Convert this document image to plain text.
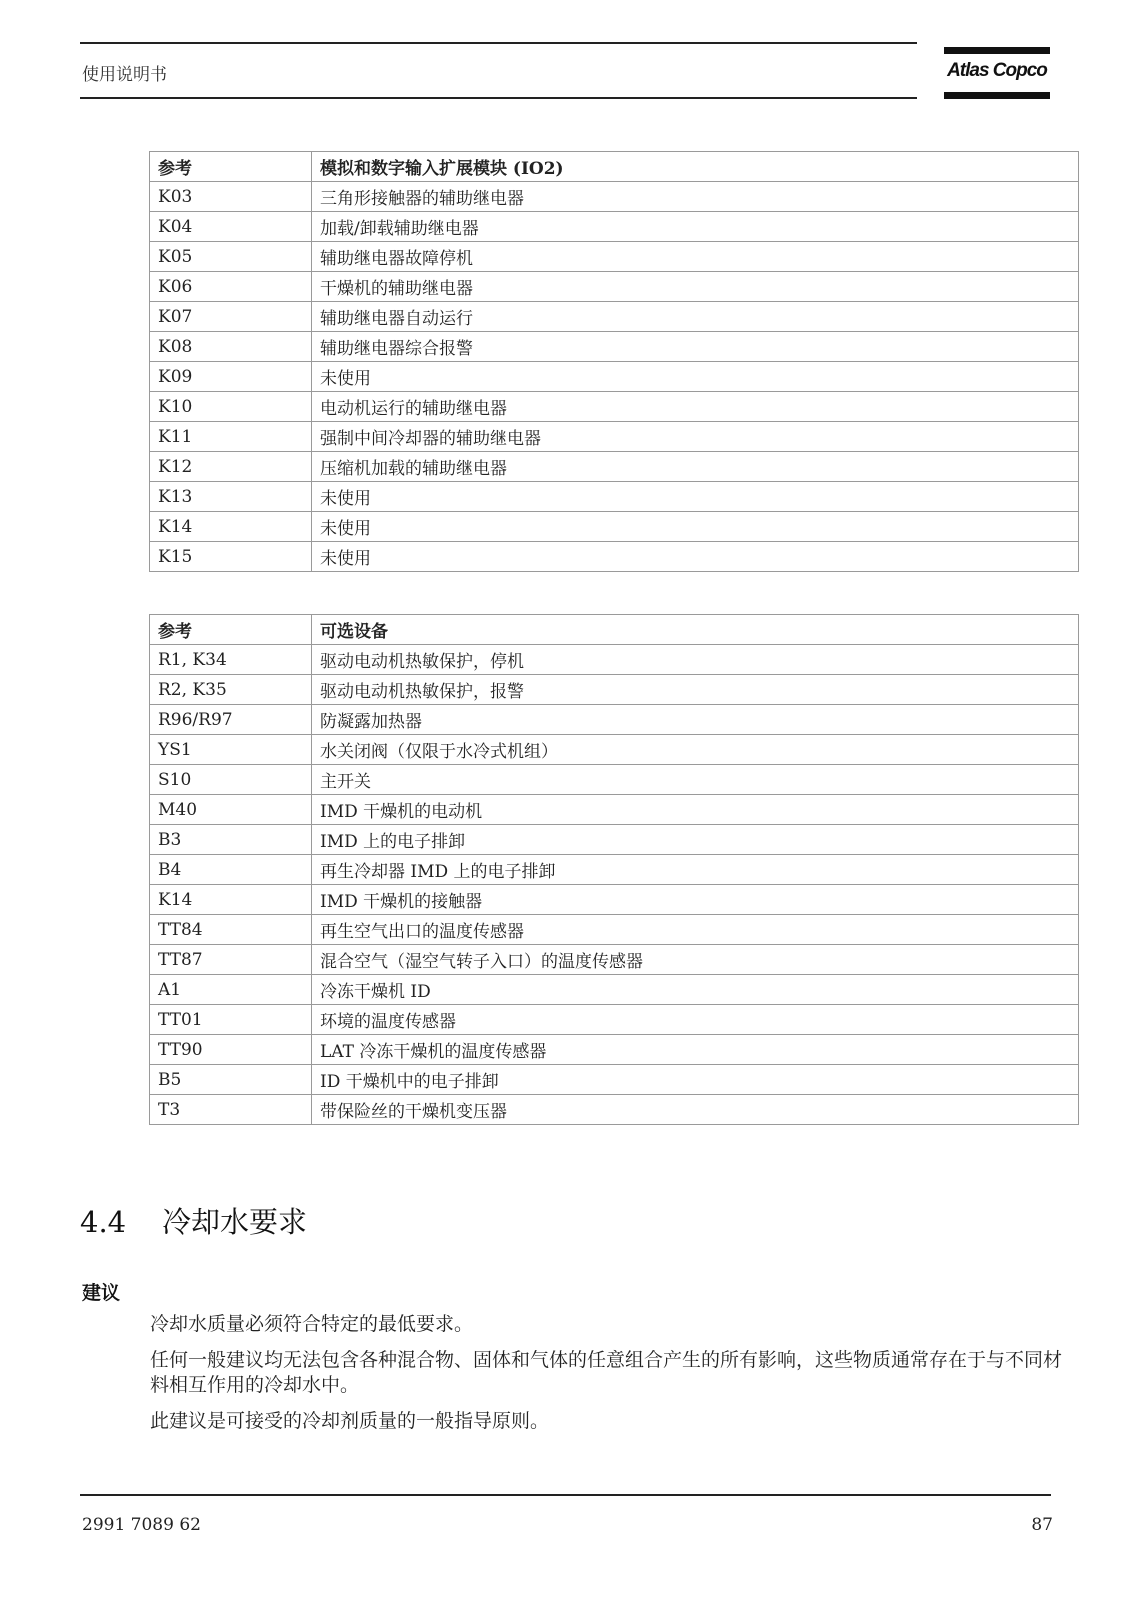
使用说明书	Atlas Copco
参考	模拟和数字输入扩展模块 (IO2)
K03	三角形接触器的辅助继电器
K04	加载/卸载辅助继电器
K05	辅助继电器故障停机
K06	干燥机的辅助继电器
K07	辅助继电器自动运行
K08	辅助继电器综合报警
K09	未使用
K10	电动机运行的辅助继电器
K11	强制中间冷却器的辅助继电器
K12	压缩机加载的辅助继电器
K13	未使用
K14	未使用
K15	未使用
参考	可选设备
R1, K34	驱动电动机热敏保护，停机
R2, K35	驱动电动机热敏保护，报警
R96/R97	防凝露加热器
YS1	水关闭阀（仅限于水冷式机组）
S10	主开关
M40	IMD 干燥机的电动机
B3	IMD 上的电子排卸
B4	再生冷却器 IMD 上的电子排卸
K14	IMD 干燥机的接触器
TT84	再生空气出口的温度传感器
TT87	混合空气（湿空气转子入口）的温度传感器
A1	冷冻干燥机 ID
TT01	环境的温度传感器
TT90	LAT 冷冻干燥机的温度传感器
B5	ID 干燥机中的电子排卸
T3	带保险丝的干燥机变压器
4.4 冷却水要求
建议
冷却水质量必须符合特定的最低要求。
任何一般建议均无法包含各种混合物、固体和气体的任意组合产生的所有影响，这些物质通常存在于与不同材料相互作用的冷却水中。
此建议是可接受的冷却剂质量的一般指导原则。
2991 7089 62	87
